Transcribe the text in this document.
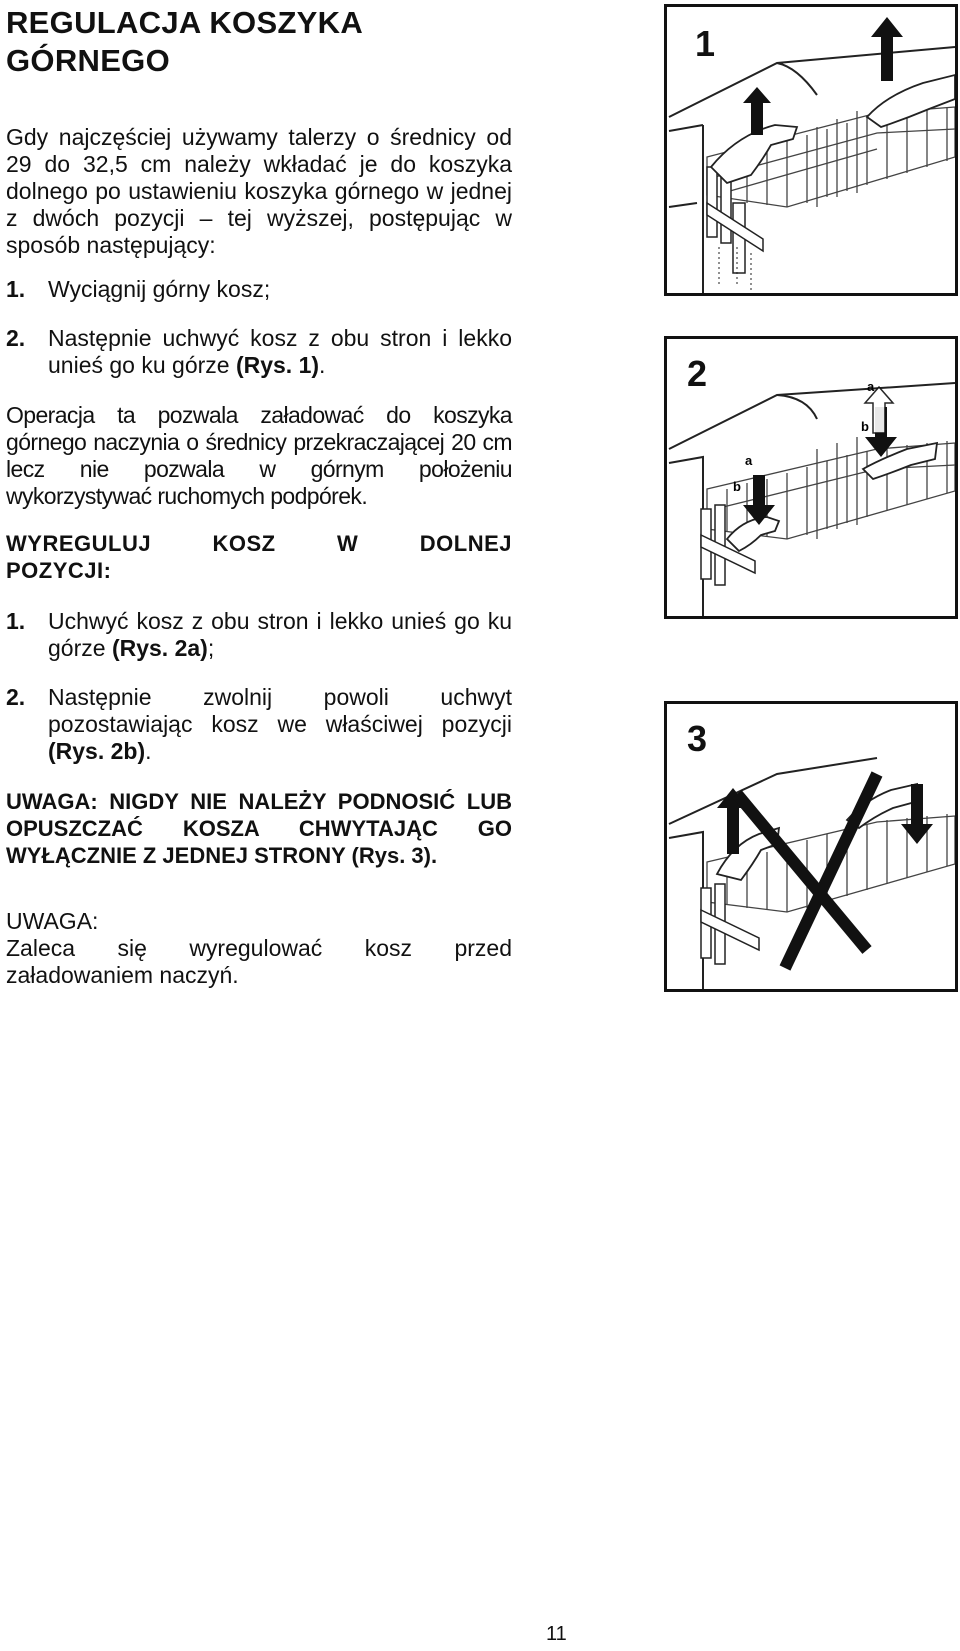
REGULACJA KOSZYKA
GÓRNEGO
Gdy najczęściej używamy talerzy o średnicy od 29 do 32,5 cm należy wkładać je do koszyka dolnego po ustawieniu koszyka górnego w jednej z dwóch pozycji – tej wyższej, postępując w sposób następujący:
1. Wyciągnij górny kosz;
2. Następnie uchwyć kosz z obu stron i lekko unieś go ku górze (Rys. 1).
Operacja ta pozwala załadować do koszyka górnego naczynia o średnicy przekraczającej 20 cm lecz nie pozwala w górnym położeniu wykorzystywać ruchomych podpórek.
WYREGULUJ KOSZ W DOLNEJ POZYCJI:
1. Uchwyć kosz z obu stron i lekko unieś go ku górze (Rys. 2a);
2. Następnie zwolnij powoli uchwyt pozostawiając kosz we właściwej pozycji (Rys. 2b).
UWAGA: NIGDY NIE NALEŻY PODNOSIĆ LUB OPUSZCZAĆ KOSZA CHWYTAJĄC GO WYŁĄCZNIE Z JEDNEJ STRONY (Rys. 3).
UWAGA:
Zaleca się wyregulować kosz przed załadowaniem naczyń.
1
2
a
b
a
b
3
11
